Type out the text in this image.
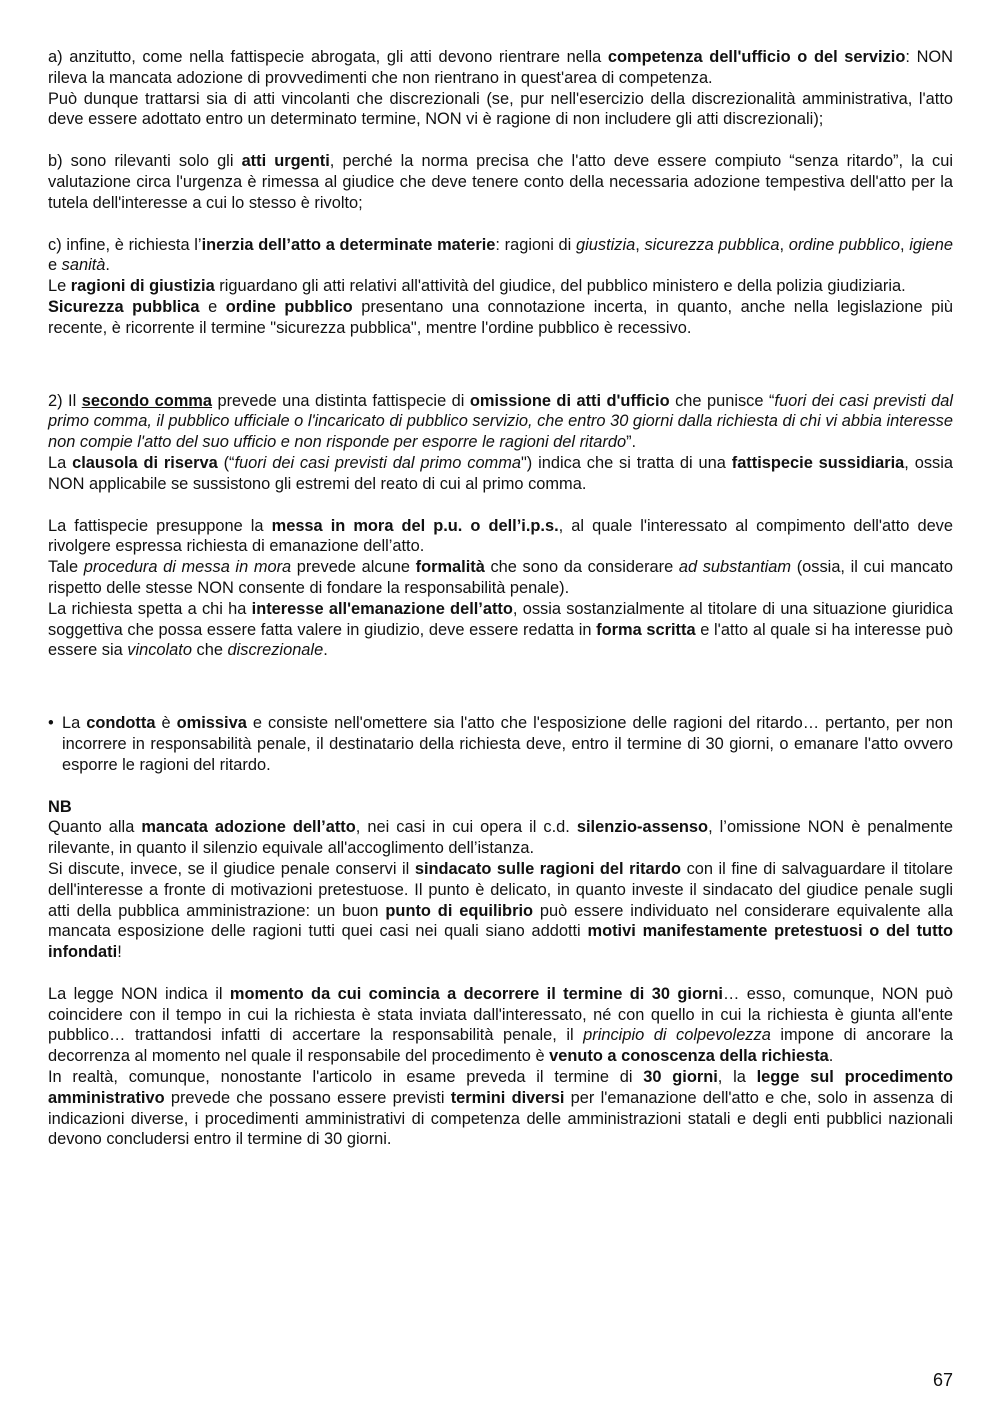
a) anzitutto, come nella fattispecie abrogata, gli atti devono rientrare nella competenza dell'ufficio o del servizio: NON rileva la mancata adozione di provvedimenti che non rientrano in quest'area di competenza.

Può dunque trattarsi sia di atti vincolanti che discrezionali (se, pur nell'esercizio della discrezionalità amministrativa, l'atto deve essere adottato entro un determinato termine, NON vi è ragione di non includere gli atti discrezionali);

b) sono rilevanti solo gli atti urgenti, perché la norma precisa che l'atto deve essere compiuto “senza ritardo”, la cui valutazione circa l'urgenza è rimessa al giudice che deve tenere conto della necessaria adozione tempestiva dell'atto per la tutela dell'interesse a cui lo stesso è rivolto;

c) infine, è richiesta l’inerzia dell’atto a determinate materie: ragioni di giustizia, sicurezza pubblica, ordine pubblico, igiene e sanità.

Le ragioni di giustizia riguardano gli atti relativi all'attività del giudice, del pubblico ministero e della polizia giudiziaria.

Sicurezza pubblica e ordine pubblico presentano una connotazione incerta, in quanto, anche nella legislazione più recente, è ricorrente il termine "sicurezza pubblica", mentre l'ordine pubblico è recessivo.

2) Il secondo comma prevede una distinta fattispecie di omissione di atti d'ufficio che punisce “fuori dei casi previsti dal primo comma, il pubblico ufficiale o l'incaricato di pubblico servizio, che entro 30 giorni dalla richiesta di chi vi abbia interesse non compie l'atto del suo ufficio e non risponde per esporre le ragioni del ritardo”.

La clausola di riserva (“fuori dei casi previsti dal primo comma") indica che si tratta di una fattispecie sussidiaria, ossia NON applicabile se sussistono gli estremi del reato di cui al primo comma.

La fattispecie presuppone la messa in mora del p.u. o dell’i.p.s., al quale l'interessato al compimento dell'atto deve rivolgere espressa richiesta di emanazione dell’atto.

Tale procedura di messa in mora prevede alcune formalità che sono da considerare ad substantiam (ossia, il cui mancato rispetto delle stesse NON consente di fondare la responsabilità penale).

La richiesta spetta a chi ha interesse all'emanazione dell’atto, ossia sostanzialmente al titolare di una situazione giuridica soggettiva che possa essere fatta valere in giudizio, deve essere redatta in forma scritta e l'atto al quale si ha interesse può essere sia vincolato che discrezionale.

• La condotta è omissiva e consiste nell'omettere sia l'atto che l'esposizione delle ragioni del ritardo… pertanto, per non incorrere in responsabilità penale, il destinatario della richiesta deve, entro il termine di 30 giorni, o emanare l'atto ovvero esporre le ragioni del ritardo.

NB

Quanto alla mancata adozione dell’atto, nei casi in cui opera il c.d. silenzio-assenso, l’omissione NON è penalmente rilevante, in quanto il silenzio equivale all'accoglimento dell’istanza.

Si discute, invece, se il giudice penale conservi il sindacato sulle ragioni del ritardo con il fine di salvaguardare il titolare dell'interesse a fronte di motivazioni pretestuose. Il punto è delicato, in quanto investe il sindacato del giudice penale sugli atti della pubblica amministrazione: un buon punto di equilibrio può essere individuato nel considerare equivalente alla mancata esposizione delle ragioni tutti quei casi nei quali siano addotti motivi manifestamente pretestuosi o del tutto infondati!

La legge NON indica il momento da cui comincia a decorrere il termine di 30 giorni… esso, comunque, NON può coincidere con il tempo in cui la richiesta è stata inviata dall'interessato, né con quello in cui la richiesta è giunta all'ente pubblico… trattandosi infatti di accertare la responsabilità penale, il principio di colpevolezza impone di ancorare la decorrenza al momento nel quale il responsabile del procedimento è venuto a conoscenza della richiesta.

In realtà, comunque, nonostante l'articolo in esame preveda il termine di 30 giorni, la legge sul procedimento amministrativo prevede che possano essere previsti termini diversi per l'emanazione dell'atto e che, solo in assenza di indicazioni diverse, i procedimenti amministrativi di competenza delle amministrazioni statali e degli enti pubblici nazionali devono concludersi entro il termine di 30 giorni.

67
